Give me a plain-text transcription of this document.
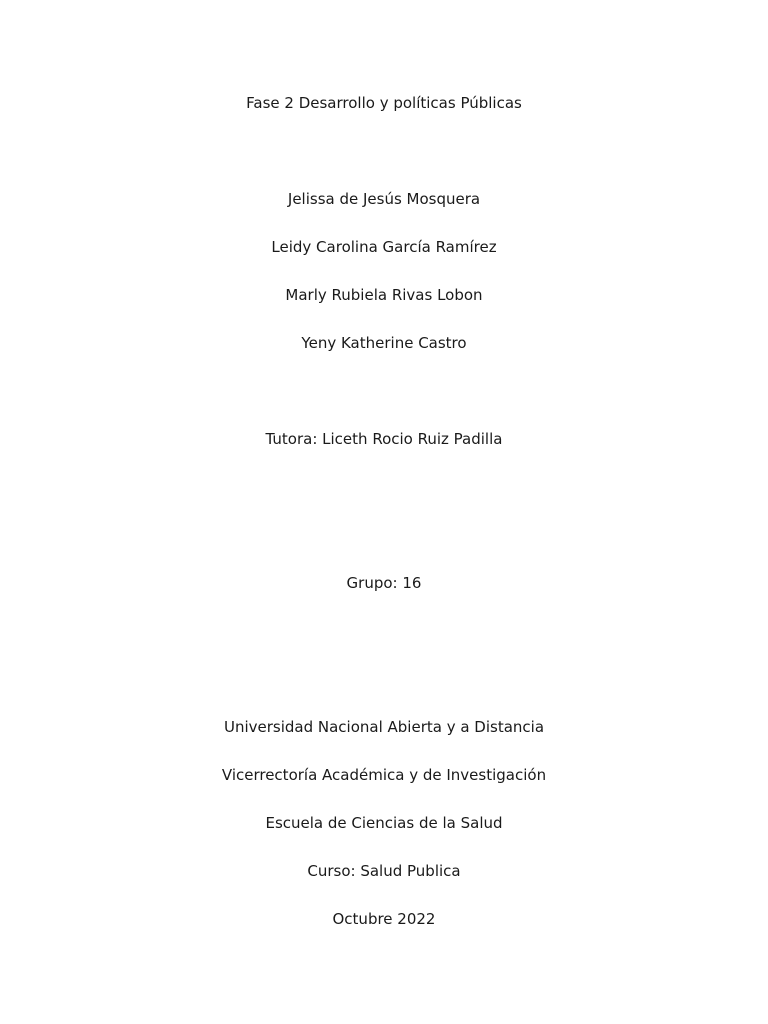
Fase 2 Desarrollo y políticas Públicas
Jelissa de Jesús Mosquera
Leidy Carolina García Ramírez
Marly Rubiela Rivas Lobon
Yeny Katherine Castro
Tutora: Liceth Rocio Ruiz Padilla
Grupo: 16
Universidad Nacional Abierta y a Distancia
Vicerrectoría Académica y de Investigación
Escuela de Ciencias de la Salud
Curso: Salud Publica
Octubre 2022
